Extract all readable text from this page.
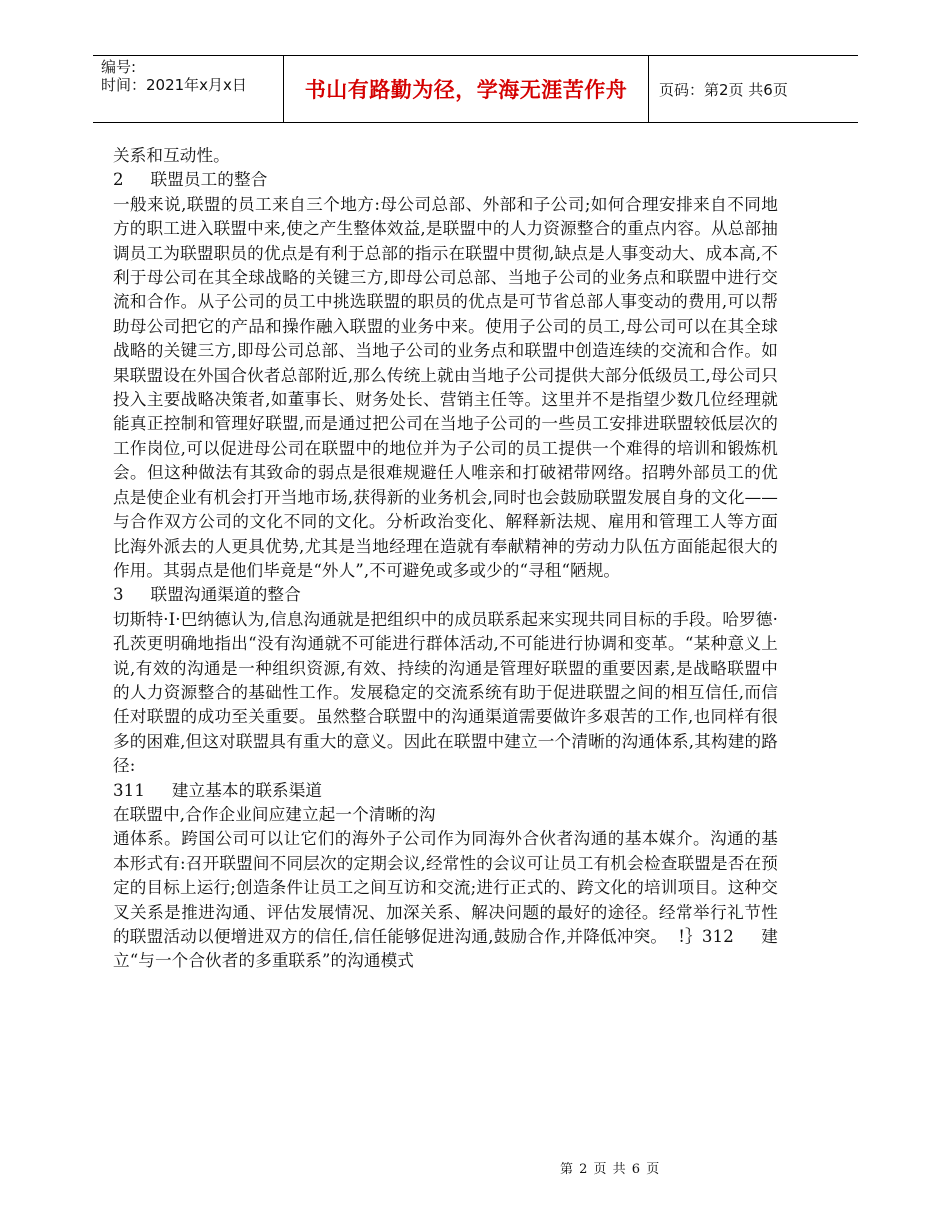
编号:
时间：2021年x月x日	书山有路勤为径，学海无涯苦作舟	页码：第2页 共6页

关系和互动性。

2     联盟员工的整合

一般来说,联盟的员工来自三个地方:母公司总部、外部和子公司;如何合理安排来自不同地方的职工进入联盟中来,使之产生整体效益,是联盟中的人力资源整合的重点内容。从总部抽调员工为联盟职员的优点是有利于总部的指示在联盟中贯彻,缺点是人事变动大、成本高,不利于母公司在其全球战略的关键三方,即母公司总部、当地子公司的业务点和联盟中进行交流和合作。从子公司的员工中挑选联盟的职员的优点是可节省总部人事变动的费用,可以帮助母公司把它的产品和操作融入联盟的业务中来。使用子公司的员工,母公司可以在其全球战略的关键三方,即母公司总部、当地子公司的业务点和联盟中创造连续的交流和合作。如果联盟设在外国合伙者总部附近,那么传统上就由当地子公司提供大部分低级员工,母公司只投入主要战略决策者,如董事长、财务处长、营销主任等。这里并不是指望少数几位经理就能真正控制和管理好联盟,而是通过把公司在当地子公司的一些员工安排进联盟较低层次的工作岗位,可以促进母公司在联盟中的地位并为子公司的员工提供一个难得的培训和锻炼机会。但这种做法有其致命的弱点是很难规避任人唯亲和打破裙带网络。招聘外部员工的优点是使企业有机会打开当地市场,获得新的业务机会,同时也会鼓励联盟发展自身的文化——与合作双方公司的文化不同的文化。分析政治变化、解释新法规、雇用和管理工人等方面比海外派去的人更具优势,尤其是当地经理在造就有奉献精神的劳动力队伍方面能起很大的作用。其弱点是他们毕竟是“外人”,不可避免或多或少的“寻租“陋规。

3     联盟沟通渠道的整合

切斯特·I·巴纳德认为,信息沟通就是把组织中的成员联系起来实现共同目标的手段。哈罗德·孔茨更明确地指出“没有沟通就不可能进行群体活动,不可能进行协调和变革。“某种意义上说,有效的沟通是一种组织资源,有效、持续的沟通是管理好联盟的重要因素,是战略联盟中的人力资源整合的基础性工作。发展稳定的交流系统有助于促进联盟之间的相互信任,而信任对联盟的成功至关重要。虽然整合联盟中的沟通渠道需要做许多艰苦的工作,也同样有很多的困难,但这对联盟具有重大的意义。因此在联盟中建立一个清晰的沟通体系,其构建的路径:

311     建立基本的联系渠道

在联盟中,合作企业间应建立起一个清晰的沟

通体系。跨国公司可以让它们的海外子公司作为同海外合伙者沟通的基本媒介。沟通的基本形式有:召开联盟间不同层次的定期会议,经常性的会议可让员工有机会检查联盟是否在预定的目标上运行;创造条件让员工之间互访和交流;进行正式的、跨文化的培训项目。这种交叉关系是推进沟通、评估发展情况、加深关系、解决问题的最好的途径。经常举行礼节性的联盟活动以便增进双方的信任,信任能够促进沟通,鼓励合作,并降低冲突。  !｝312     建立“与一个合伙者的多重联系”的沟通模式

第 2 页 共 6 页
